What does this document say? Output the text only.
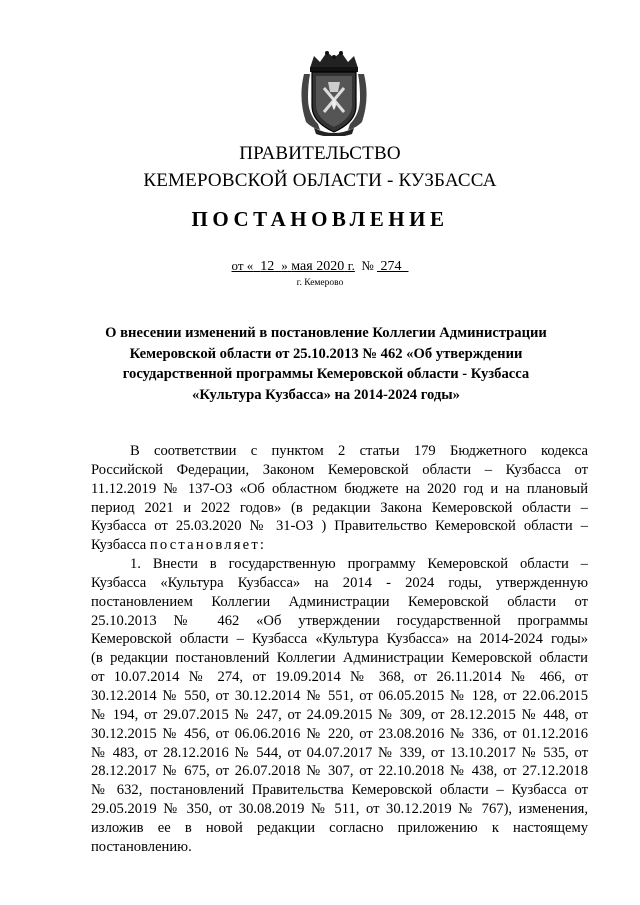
ПРАВИТЕЛЬСТВО
КЕМЕРОВСКОЙ ОБЛАСТИ - КУЗБАССА
ПОСТАНОВЛЕНИЕ
от « 12 » мая 2020 г. № 274
г. Кемерово
О внесении изменений в постановление Коллегии Администрации
Кемеровской области от 25.10.2013 № 462 «Об утверждении
государственной программы Кемеровской области - Кузбасса
«Культура Кузбасса» на 2014-2024 годы»
В соответствии с пунктом 2 статьи 179 Бюджетного кодекса
Российской Федерации, Законом Кемеровской области – Кузбасса от
11.12.2019 № 137-ОЗ «Об областном бюджете на 2020 год и на плановый
период 2021 и 2022 годов» (в редакции Закона Кемеровской области –
Кузбасса от 25.03.2020 № 31-ОЗ ) Правительство Кемеровской области –
Кузбасса постановляет:
1. Внести в государственную программу Кемеровской области –
Кузбасса «Культура Кузбасса» на 2014 - 2024 годы, утвержденную
постановлением Коллегии Администрации Кемеровской области от
25.10.2013 № 462 «Об утверждении государственной программы
Кемеровской области – Кузбасса «Культура Кузбасса» на 2014-2024 годы»
(в редакции постановлений Коллегии Администрации Кемеровской области
от 10.07.2014 № 274, от 19.09.2014 № 368, от 26.11.2014 № 466, от
30.12.2014 № 550, от 30.12.2014 № 551, от 06.05.2015 № 128, от 22.06.2015
№ 194, от 29.07.2015 № 247, от 24.09.2015 № 309, от 28.12.2015 № 448, от
30.12.2015 № 456, от 06.06.2016 № 220, от 23.08.2016 № 336, от 01.12.2016
№ 483, от 28.12.2016 № 544, от 04.07.2017 № 339, от 13.10.2017 № 535, от
28.12.2017 № 675, от 26.07.2018 № 307, от 22.10.2018 № 438, от 27.12.2018
№ 632, постановлений Правительства Кемеровской области – Кузбасса от
29.05.2019 № 350, от 30.08.2019 № 511, от 30.12.2019 № 767), изменения,
изложив ее в новой редакции согласно приложению к настоящему
постановлению.
